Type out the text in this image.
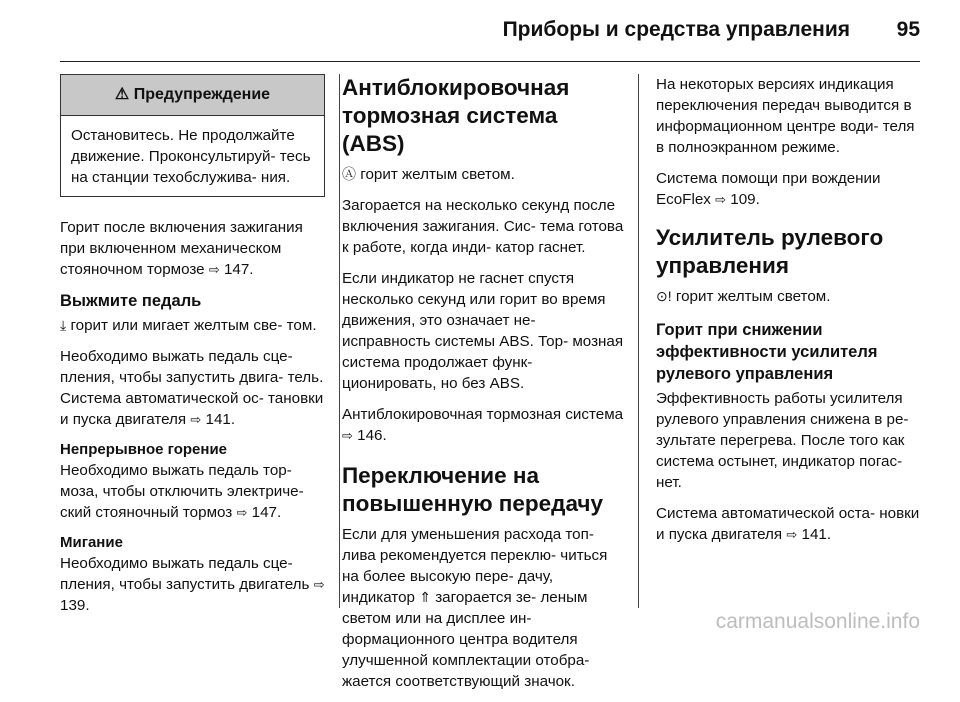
Приборы и средства управления 95
⚠ Предупреждение
Остановитесь. Не продолжайте движение. Проконсультируй- тесь на станции техобслужива- ния.

Горит после включения зажигания при включенном механическом стояночном тормозе ⇨ 147.

Выжмите педаль

⤓ горит или мигает желтым све- том.

Необходимо выжать педаль сце- пления, чтобы запустить двига- тель. Система автоматической ос- тановки и пуска двигателя ⇨ 141.

Непрерывное горение

Необходимо выжать педаль тор- моза, чтобы отключить электриче- ский стояночный тормоз ⇨ 147.

Мигание

Необходимо выжать педаль сце- пления, чтобы запустить двигатель ⇨ 139.

Антиблокировочная тормозная система (ABS)

Ⓐ горит желтым светом.

Загорается на несколько секунд после включения зажигания. Сис- тема готова к работе, когда инди- катор гаснет.

Если индикатор не гаснет спустя несколько секунд или горит во время движения, это означает не- исправность системы ABS. Тор- мозная система продолжает функ- ционировать, но без ABS.

Антиблокировочная тормозная система ⇨ 146.

Переключение на повышенную передачу

Если для уменьшения расхода топ- лива рекомендуется переклю- читься на более высокую пере- дачу, индикатор ⇑ загорается зе- леным светом или на дисплее ин- формационного центра водителя улучшенной комплектации отобра- жается соответствующий значок.

На некоторых версиях индикация переключения передач выводится в информационном центре води- теля в полноэкранном режиме.

Система помощи при вождении EcoFlex ⇨ 109.

Усилитель рулевого управления

⊙! горит желтым светом.

Горит при снижении эффективности усилителя рулевого управления

Эффективность работы усилителя рулевого управления снижена в ре- зультате перегрева. После того как система остынет, индикатор погас- нет.

Система автоматической оста- новки и пуска двигателя ⇨ 141.

carmanualsonline.info
